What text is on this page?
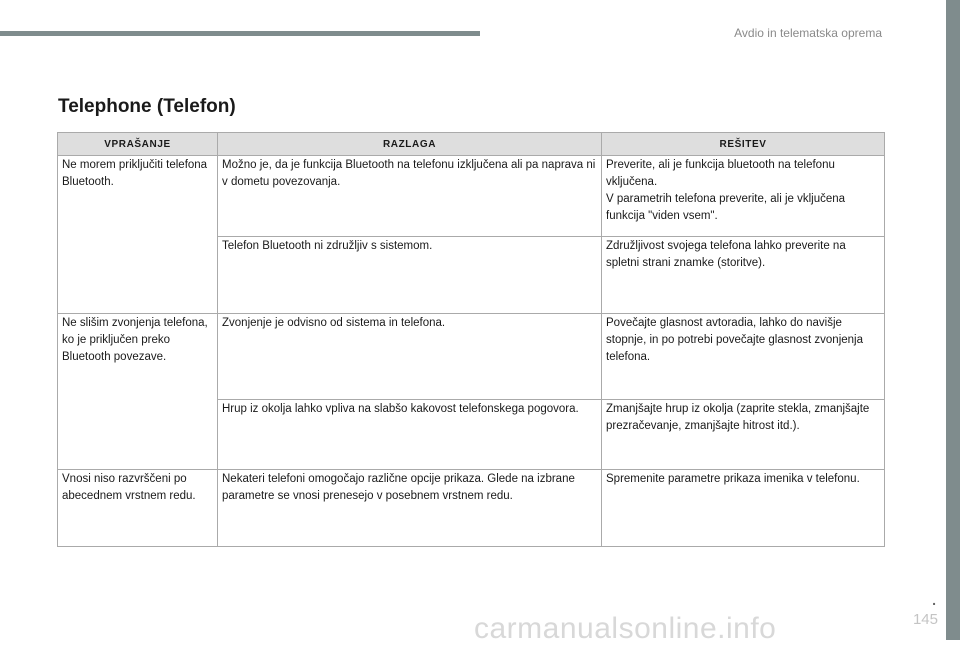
Avdio in telematska oprema
Telephone (Telefon)
VPRAŠANJE	RAZLAGA	REŠITEV
Ne morem priključiti telefona Bluetooth.	Možno je, da je funkcija Bluetooth na telefonu izključena ali pa naprava ni v dometu povezovanja.	Preverite, ali je funkcija bluetooth na telefonu vključena.
V parametrih telefona preverite, ali je vključena funkcija "viden vsem".
	Telefon Bluetooth ni združljiv s sistemom.	Združljivost svojega telefona lahko preverite na spletni strani znamke (storitve).
Ne slišim zvonjenja telefona, ko je priključen preko Bluetooth povezave.	Zvonjenje je odvisno od sistema in telefona.	Povečajte glasnost avtoradia, lahko do navišje stopnje, in po potrebi povečajte glasnost zvonjenja telefona.
	Hrup iz okolja lahko vpliva na slabšo kakovost telefonskega pogovora.	Zmanjšajte hrup iz okolja (zaprite stekla, zmanjšajte prezračevanje, zmanjšajte hitrost itd.).
Vnosi niso razvrščeni po abecednem vrstnem redu.	Nekateri telefoni omogočajo različne opcije prikaza. Glede na izbrane parametre se vnosi prenesejo v posebnem vrstnem redu.	Spremenite parametre prikaza imenika v telefonu.
.
145
carmanualsonline.info
